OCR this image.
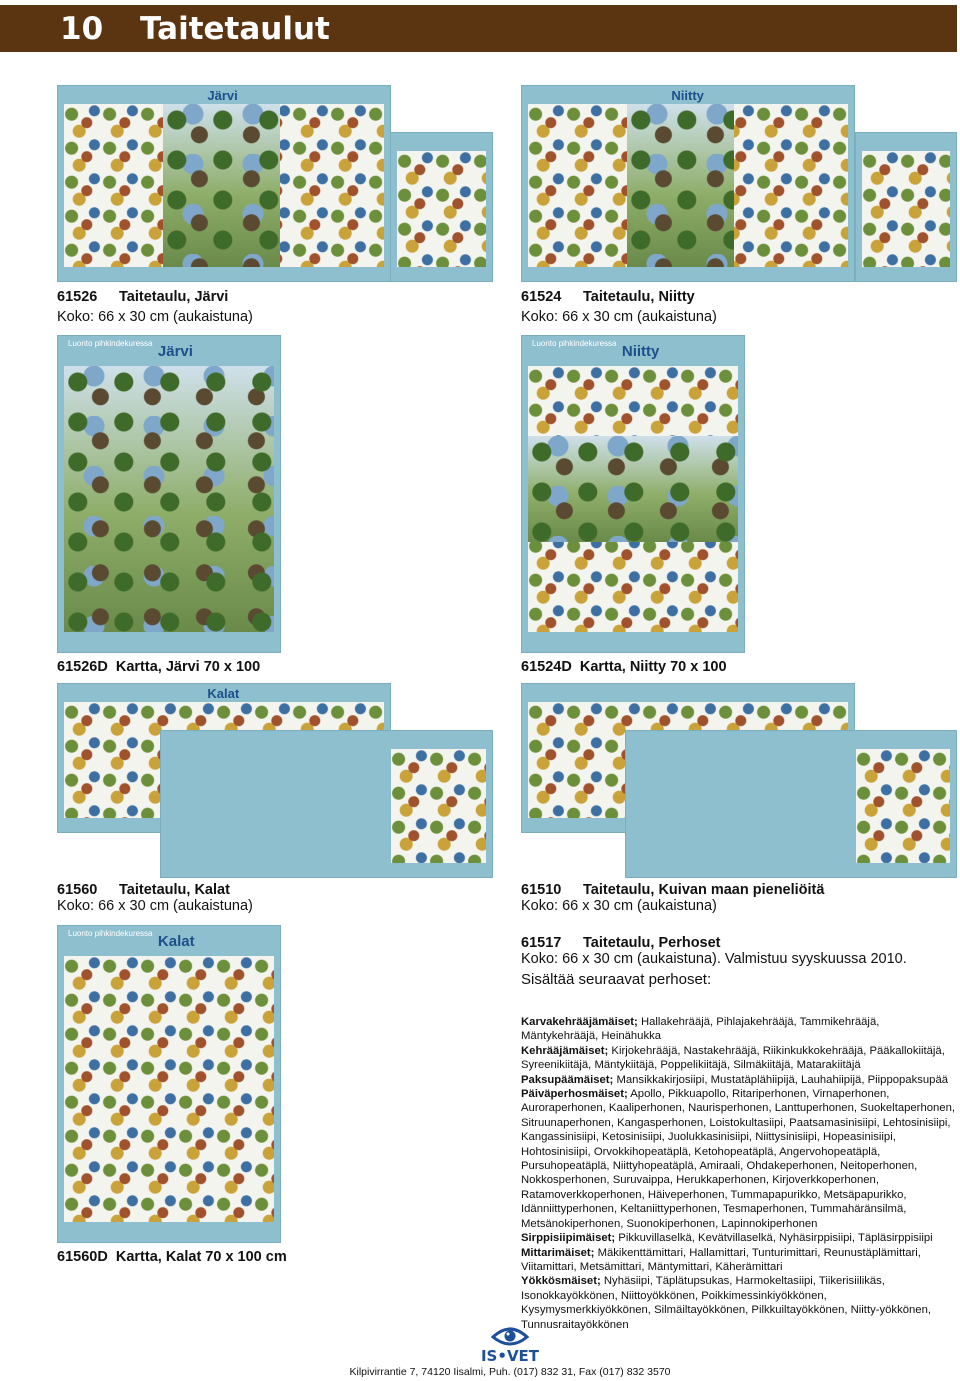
10 Taitetaulut
Järvi	Niitty
61526 Taitetaulu, Järvi
Koko: 66 x 30 cm (aukaistuna)
61524 Taitetaulu, Niitty
Koko: 66 x 30 cm (aukaistuna)
Luonto pihkindekuressa Järvi	Luonto pihkindekuressa Niitty
61526D Kartta, Järvi 70 x 100	61524D Kartta, Niitty 70 x 100
Kalat
61560 Taitetaulu, Kalat
Koko: 66 x 30 cm (aukaistuna)
61510 Taitetaulu, Kuivan maan pieneliöitä
Koko: 66 x 30 cm (aukaistuna)
Luonto pihkindekuressa Kalat
61560D Kartta, Kalat 70 x 100 cm
61517 Taitetaulu, Perhoset
Koko: 66 x 30 cm (aukaistuna). Valmistuu syyskuussa 2010.
Sisältää seuraavat perhoset:

Karvakehrääjämäiset; Hallakehrääjä, Pihlajakehrääjä, Tammikehrääjä, Mäntykehrääjä, Heinähukka

Kehrääjämäiset; Kirjokehrääjä, Nastakehrääjä, Riikinkukkokehrääjä, Pääkallokiitäjä, Syreenikiitäjä, Mäntykiitäjä, Poppelikiitäjä, Silmäkiitäjä, Matarakiitäjä

Paksupäämäiset; Mansikkakirjosiipi, Mustatäplähiipijä, Lauhahiipijä, Piippopaksupää

Päiväperhosmäiset; Apollo, Pikkuapollo, Ritariperhonen, Virnaperhonen, Auroraperhonen, Kaaliperhonen, Naurisperhonen, Lanttuperhonen, Suokeltaperhonen, Sitruunaperhonen, Kangasperhonen, Loistokultasiipi, Paatsamasinisiipi, Lehtosinisiipi, Kangassinisiipi, Ketosinisiipi, Juolukkasinisiipi, Niittysinisiipi, Hopeasinisiipi, Hohtosinisiipi, Orvokkihopeatäplä, Ketohopeatäplä, Angervohopeatäplä, Pursuhopeatäplä, Niittyhopeatäplä, Amiraali, Ohdakeperhonen, Neitoperhonen, Nokkosperhonen, Suruvaippa, Herukkaperhonen, Kirjoverkkoperhonen, Ratamoverkkoperhonen, Häiveperhonen, Tummapapurikko, Metsäpapurikko, Idänniittyperhonen, Keltaniittyperhonen, Tesmaperhonen, Tummahäränsilmä, Metsänokiperhonen, Suonokiperhonen, Lapinnokiperhonen

Sirppisiipimäiset; Pikkuvillaselkä, Kevätvillaselkä, Nyhäsirppisiipi, Täpläsirppisiipi

Mittarimäiset; Mäkikenttämittari, Hallamittari, Tunturimittari, Reunustäplämittari, Viitamittari, Metsämittari, Mäntymittari, Käherämittari

Yökkösmäiset; Nyhäsiipi, Täplätupsukas, Harmokeltasiipi, Tiikerisiilikäs, Isonokkayökkönen, Niittoyökkönen, Poikkimessinkiyökkönen, Kysymysmerkkiyökkönen, Silmäiltayökkönen, Pilkkuiltayökkönen, Niitty-yökkönen, Tunnusraitayökkönen

IS•VET
Kilpivirrantie 7, 74120 Iisalmi, Puh. (017) 832 31, Fax (017) 832 3570
